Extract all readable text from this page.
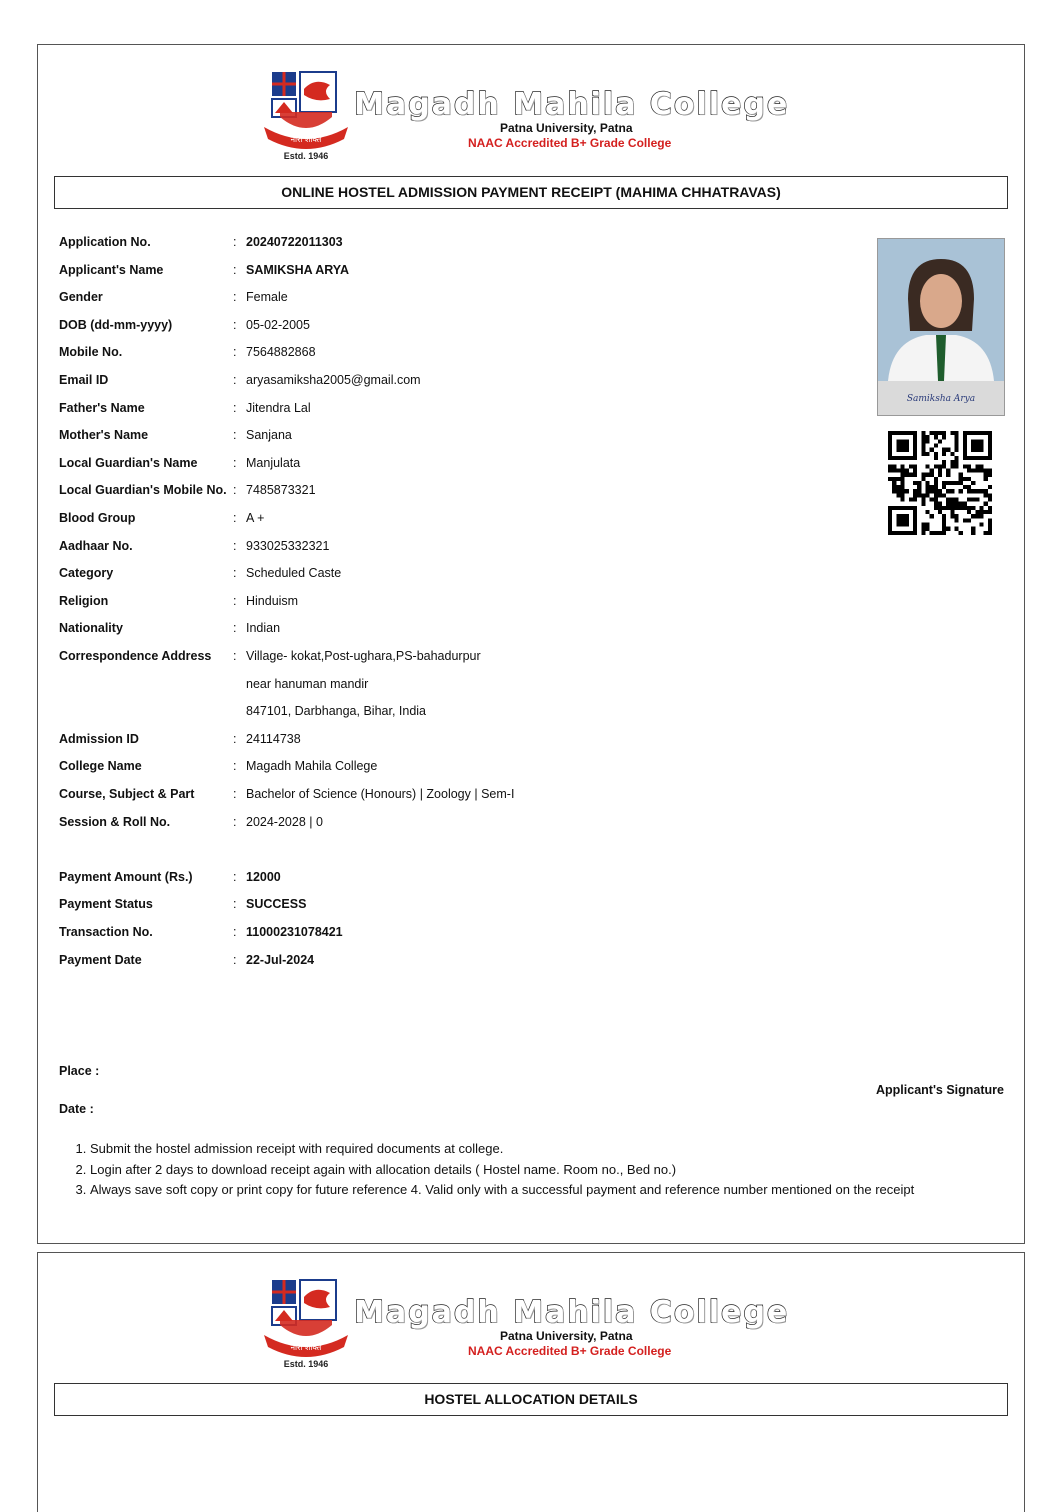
नारी शक्ति
Estd. 1946
Magadh Mahila College
Patna University, Patna
NAAC Accredited B+ Grade College
ONLINE HOSTEL ADMISSION PAYMENT RECEIPT (MAHIMA CHHATRAVAS)
Application No.	: 20240722011303
Applicant's Name	: SAMIKSHA ARYA
Gender	: Female
DOB (dd-mm-yyyy)	: 05-02-2005
Mobile No.	: 7564882868
Email ID	: aryasamiksha2005@gmail.com
Father's Name	: Jitendra Lal
Mother's Name	: Sanjana
Local Guardian's Name	: Manjulata
Local Guardian's Mobile No. : 7485873321
Blood Group	: A +
Aadhaar No.	: 933025332321
Category	: Scheduled Caste
Religion	: Hinduism
Nationality	: Indian
Correspondence Address : Village- kokat,Post-ughara,PS-bahadurpur
near hanuman mandir
847101, Darbhanga, Bihar, India
Admission ID	: 24114738
College Name	: Magadh Mahila College
Course, Subject & Part	: Bachelor of Science (Honours) | Zoology | Sem-I
Session & Roll No.	: 2024-2028 | 0
Payment Amount (Rs.)	: 12000
Payment Status	: SUCCESS
Transaction No.	: 11000231078421
Payment Date	: 22-Jul-2024
Samiksha Arya
Place :
Applicant's Signature
Date :
1. Submit the hostel admission receipt with required documents at college.
2. Login after 2 days to download receipt again with allocation details ( Hostel name. Room no., Bed no.)
3. Always save soft copy or print copy for future reference 4. Valid only with a successful payment and reference number mentioned on the receipt
नारी शक्ति
Estd. 1946
Magadh Mahila College
Patna University, Patna
NAAC Accredited B+ Grade College
HOSTEL ALLOCATION DETAILS
